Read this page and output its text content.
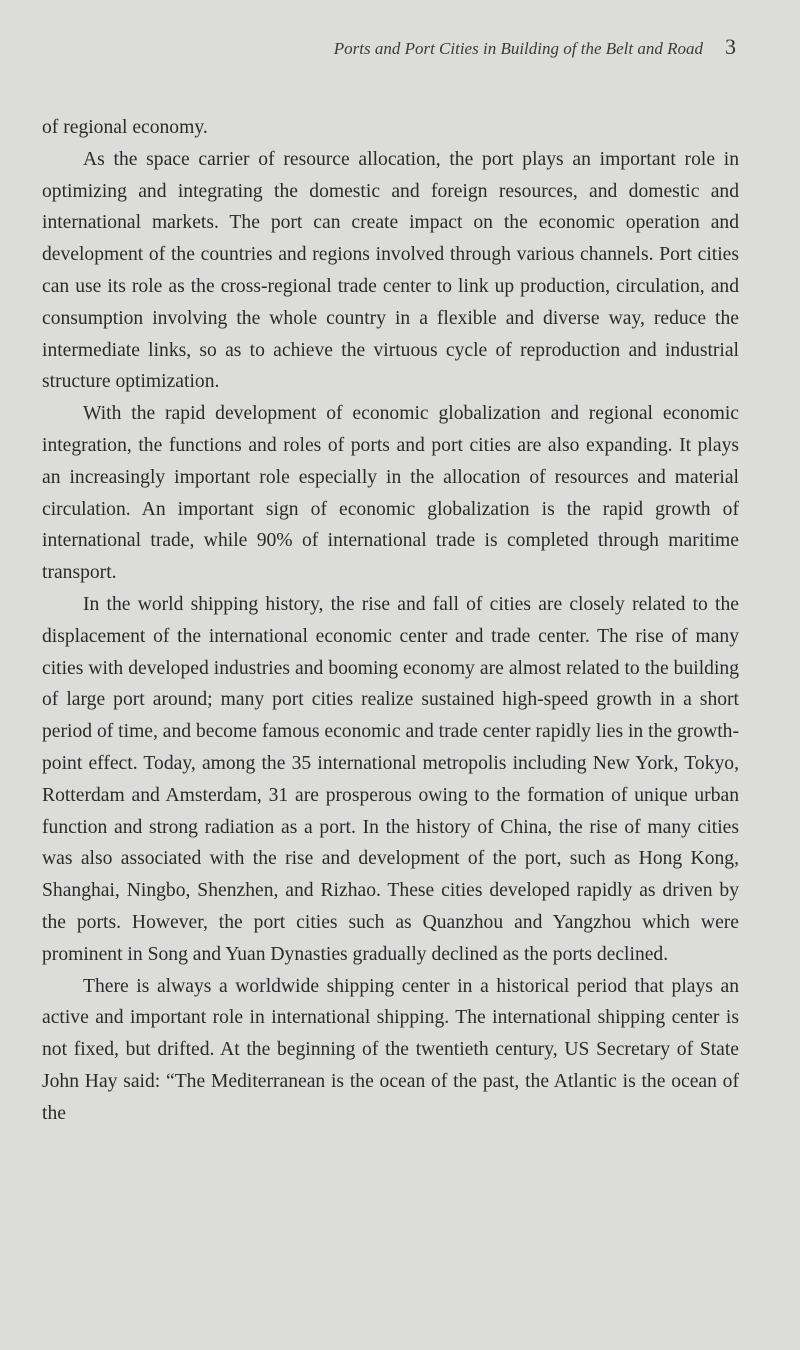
Ports and Port Cities in Building of the Belt and Road 3

of regional economy.

As the space carrier of resource allocation, the port plays an important role in optimizing and integrating the domestic and foreign resources, and domestic and international markets. The port can create impact on the economic operation and development of the countries and regions involved through various channels. Port cities can use its role as the cross-regional trade center to link up production, circulation, and consumption involving the whole country in a flexible and diverse way, reduce the intermediate links, so as to achieve the virtuous cycle of reproduction and industrial structure optimization.

With the rapid development of economic globalization and regional economic integration, the functions and roles of ports and port cities are also expanding. It plays an increasingly important role especially in the allocation of resources and material circulation. An important sign of economic globalization is the rapid growth of international trade, while 90% of international trade is completed through maritime transport.

In the world shipping history, the rise and fall of cities are closely related to the displacement of the international economic center and trade center. The rise of many cities with developed industries and booming economy are almost related to the building of large port around; many port cities realize sustained high-speed growth in a short period of time, and become famous economic and trade center rapidly lies in the growth-point effect. Today, among the 35 international metropolis including New York, Tokyo, Rotterdam and Amsterdam, 31 are prosperous owing to the formation of unique urban function and strong radiation as a port. In the history of China, the rise of many cities was also associated with the rise and development of the port, such as Hong Kong, Shanghai, Ningbo, Shenzhen, and Rizhao. These cities developed rapidly as driven by the ports. However, the port cities such as Quanzhou and Yangzhou which were prominent in Song and Yuan Dynasties gradually declined as the ports declined.

There is always a worldwide shipping center in a historical period that plays an active and important role in international shipping. The international shipping center is not fixed, but drifted. At the beginning of the twentieth century, US Secretary of State John Hay said: “The Mediterranean is the ocean of the past, the Atlantic is the ocean of the
